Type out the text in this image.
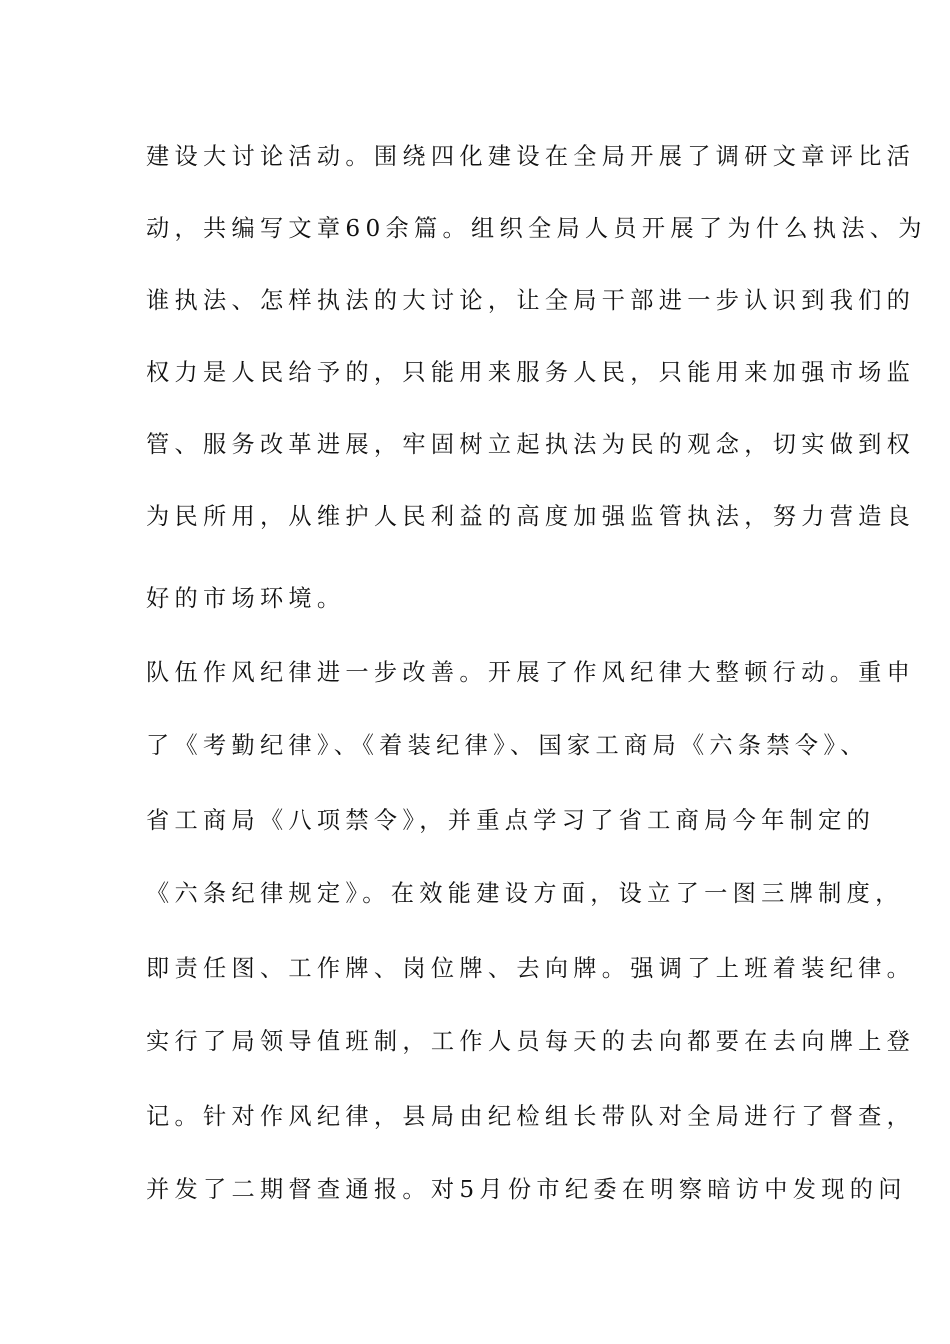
建设大讨论活动。围绕四化建设在全局开展了调研文章评比活
动，共编写文章60余篇。组织全局人员开展了为什么执法、为
谁执法、怎样执法的大讨论，让全局干部进一步认识到我们的
权力是人民给予的，只能用来服务人民，只能用来加强市场监
管、服务改革进展，牢固树立起执法为民的观念，切实做到权
为民所用，从维护人民利益的高度加强监管执法，努力营造良
好的市场环境。
队伍作风纪律进一步改善。开展了作风纪律大整顿行动。重申
了《考勤纪律》、《着装纪律》、国家工商局《六条禁令》、
省工商局《八项禁令》，并重点学习了省工商局今年制定的
《六条纪律规定》。在效能建设方面，设立了一图三牌制度，
即责任图、工作牌、岗位牌、去向牌。强调了上班着装纪律。
实行了局领导值班制，工作人员每天的去向都要在去向牌上登
记。针对作风纪律，县局由纪检组长带队对全局进行了督查，
并发了二期督查通报。对5月份市纪委在明察暗访中发现的问
